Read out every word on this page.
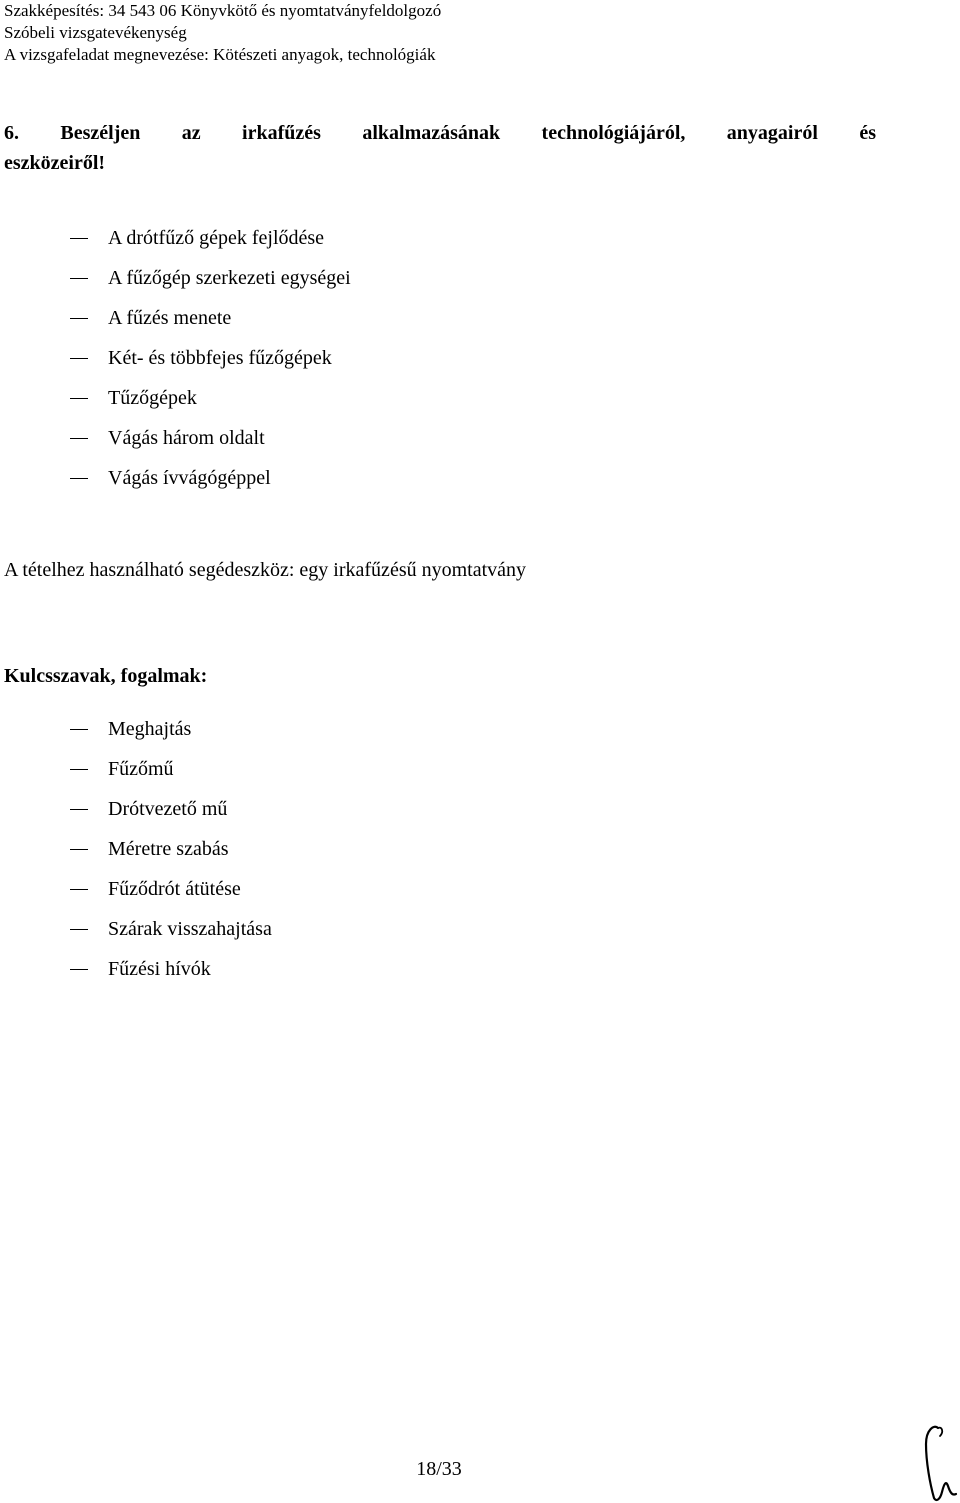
Szakképesítés: 34 543 06 Könyvkötő és nyomtatványfeldolgozó
Szóbeli vizsgatevékenység
A vizsgafeladat megnevezése: Kötészeti anyagok, technológiák
6. Beszéljen az irkafűzés alkalmazásának technológiájáról, anyagairól és
eszközeiről!
A drótfűző gépek fejlődése
A fűzőgép szerkezeti egységei
A fűzés menete
Két- és többfejes fűzőgépek
Tűzőgépek
Vágás három oldalt
Vágás ívvágógéppel
A tételhez használható segédeszköz: egy irkafűzésű nyomtatvány
Kulcsszavak, fogalmak:
Meghajtás
Fűzőmű
Drótvezető mű
Méretre szabás
Fűződrót átütése
Szárak visszahajtása
Fűzési hívók
18/33
